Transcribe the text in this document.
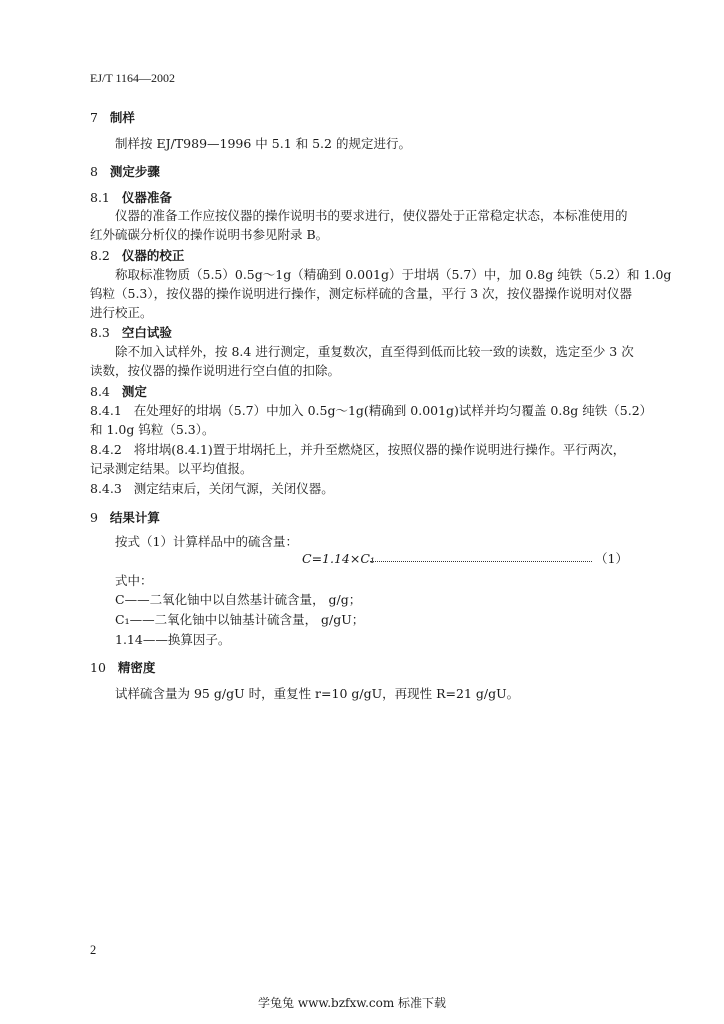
EJ/T 1164—2002
7 制样
制样按 EJ/T989—1996 中 5.1 和 5.2 的规定进行。
8 测定步骤
8.1 仪器准备
仪器的准备工作应按仪器的操作说明书的要求进行，使仪器处于正常稳定状态，本标准使用的
红外硫碳分析仪的操作说明书参见附录 B。
8.2 仪器的校正
称取标准物质（5.5）0.5g～1g（精确到 0.001g）于坩埚（5.7）中，加 0.8g 纯铁（5.2）和 1.0g
钨粒（5.3），按仪器的操作说明进行操作，测定标样硫的含量，平行 3 次，按仪器操作说明对仪器
进行校正。
8.3 空白试验
除不加入试样外，按 8.4 进行测定，重复数次，直至得到低而比较一致的读数，选定至少 3 次
读数，按仪器的操作说明进行空白值的扣除。
8.4 测定
8.4.1 在处理好的坩埚（5.7）中加入 0.5g～1g(精确到 0.001g)试样并均匀覆盖 0.8g 纯铁（5.2）
和 1.0g 钨粒（5.3）。
8.4.2 将坩埚(8.4.1)置于坩埚托上，并升至燃烧区，按照仪器的操作说明进行操作。平行两次，
记录测定结果。以平均值报。
8.4.3 测定结束后，关闭气源，关闭仪器。
9 结果计算
按式（1）计算样品中的硫含量：
C=1.14×C₁	（1）
式中：
C——二氧化铀中以自然基计硫含量， g/g；
C₁——二氧化铀中以铀基计硫含量， g/gU；
1.14——换算因子。
10 精密度
试样硫含量为 95 g/gU 时，重复性 r=10 g/gU，再现性 R=21 g/gU。
2
学兔兔 www.bzfxw.com 标准下载
